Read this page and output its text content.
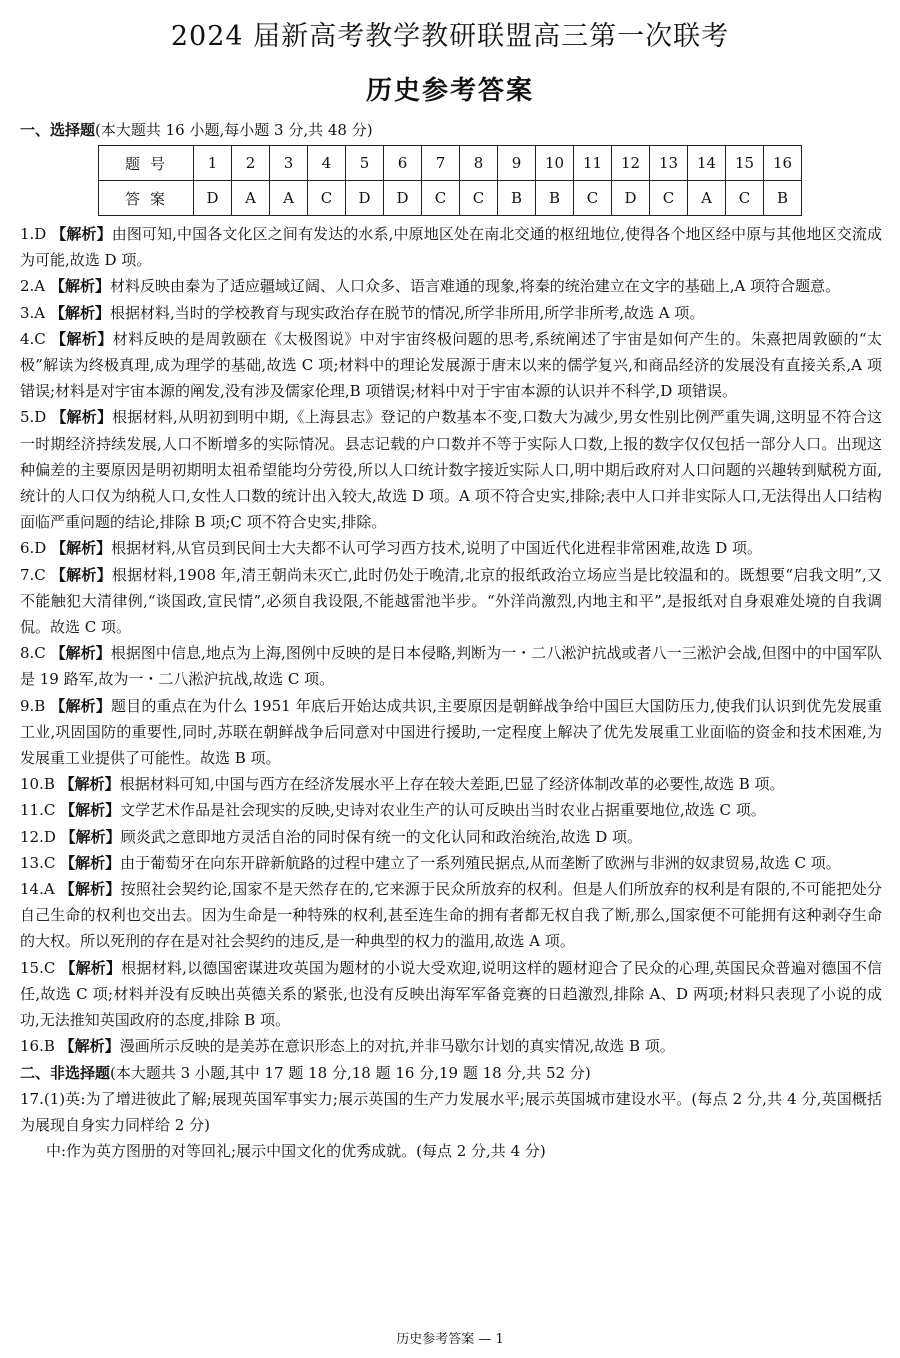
2024 届新高考教学教研联盟高三第一次联考
历史参考答案
一、选择题(本大题共 16 小题,每小题 3 分,共 48 分)
题号	1	2	3	4	5	6	7	8	9	10	11	12	13	14	15	16
答案	D	A	A	C	D	D	C	C	B	B	C	D	C	A	C	B

1.D 【解析】由图可知,中国各文化区之间有发达的水系,中原地区处在南北交通的枢纽地位,使得各个地区经中原与其他地区交流成为可能,故选 D 项。

2.A 【解析】材料反映由秦为了适应疆域辽阔、人口众多、语言难通的现象,将秦的统治建立在文字的基础上,A 项符合题意。

3.A 【解析】根据材料,当时的学校教育与现实政治存在脱节的情况,所学非所用,所学非所考,故选 A 项。

4.C 【解析】材料反映的是周敦颐在《太极图说》中对宇宙终极问题的思考,系统阐述了宇宙是如何产生的。朱熹把周敦颐的“太极”解读为终极真理,成为理学的基础,故选 C 项;材料中的理论发展源于唐末以来的儒学复兴,和商品经济的发展没有直接关系,A 项错误;材料是对宇宙本源的阐发,没有涉及儒家伦理,B 项错误;材料中对于宇宙本源的认识并不科学,D 项错误。

5.D 【解析】根据材料,从明初到明中期,《上海县志》登记的户数基本不变,口数大为减少,男女性别比例严重失调,这明显不符合这一时期经济持续发展,人口不断增多的实际情况。县志记载的户口数并不等于实际人口数,上报的数字仅仅包括一部分人口。出现这种偏差的主要原因是明初期明太祖希望能均分劳役,所以人口统计数字接近实际人口,明中期后政府对人口问题的兴趣转到赋税方面,统计的人口仅为纳税人口,女性人口数的统计出入较大,故选 D 项。A 项不符合史实,排除;表中人口并非实际人口,无法得出人口结构面临严重问题的结论,排除 B 项;C 项不符合史实,排除。

6.D 【解析】根据材料,从官员到民间士大夫都不认可学习西方技术,说明了中国近代化进程非常困难,故选 D 项。

7.C 【解析】根据材料,1908 年,清王朝尚未灭亡,此时仍处于晚清,北京的报纸政治立场应当是比较温和的。既想要“启我文明”,又不能触犯大清律例,“谈国政,宣民情”,必须自我设限,不能越雷池半步。“外洋尚激烈,内地主和平”,是报纸对自身艰难处境的自我调侃。故选 C 项。

8.C 【解析】根据图中信息,地点为上海,图例中反映的是日本侵略,判断为一・二八淞沪抗战或者八一三淞沪会战,但图中的中国军队是 19 路军,故为一・二八淞沪抗战,故选 C 项。

9.B 【解析】题目的重点在为什么 1951 年底后开始达成共识,主要原因是朝鲜战争给中国巨大国防压力,使我们认识到优先发展重工业,巩固国防的重要性,同时,苏联在朝鲜战争后同意对中国进行援助,一定程度上解决了优先发展重工业面临的资金和技术困难,为发展重工业提供了可能性。故选 B 项。

10.B 【解析】根据材料可知,中国与西方在经济发展水平上存在较大差距,巴显了经济体制改革的必要性,故选 B 项。

11.C 【解析】文学艺术作品是社会现实的反映,史诗对农业生产的认可反映出当时农业占据重要地位,故选 C 项。

12.D 【解析】顾炎武之意即地方灵活自治的同时保有统一的文化认同和政治统治,故选 D 项。

13.C 【解析】由于葡萄牙在向东开辟新航路的过程中建立了一系列殖民据点,从而垄断了欧洲与非洲的奴隶贸易,故选 C 项。

14.A 【解析】按照社会契约论,国家不是天然存在的,它来源于民众所放弃的权利。但是人们所放弃的权利是有限的,不可能把处分自己生命的权利也交出去。因为生命是一种特殊的权利,甚至连生命的拥有者都无权自我了断,那么,国家便不可能拥有这种剥夺生命的大权。所以死刑的存在是对社会契约的违反,是一种典型的权力的滥用,故选 A 项。

15.C 【解析】根据材料,以德国密谋进攻英国为题材的小说大受欢迎,说明这样的题材迎合了民众的心理,英国民众普遍对德国不信任,故选 C 项;材料并没有反映出英德关系的紧张,也没有反映出海军军备竞赛的日趋激烈,排除 A、D 两项;材料只表现了小说的成功,无法推知英国政府的态度,排除 B 项。

16.B 【解析】漫画所示反映的是美苏在意识形态上的对抗,并非马歇尔计划的真实情况,故选 B 项。

二、非选择题(本大题共 3 小题,其中 17 题 18 分,18 题 16 分,19 题 18 分,共 52 分)

17.(1)英:为了增进彼此了解;展现英国军事实力;展示英国的生产力发展水平;展示英国城市建设水平。(每点 2 分,共 4 分,英国概括为展现自身实力同样给 2 分)

中:作为英方图册的对等回礼;展示中国文化的优秀成就。(每点 2 分,共 4 分)

历史参考答案 — 1
